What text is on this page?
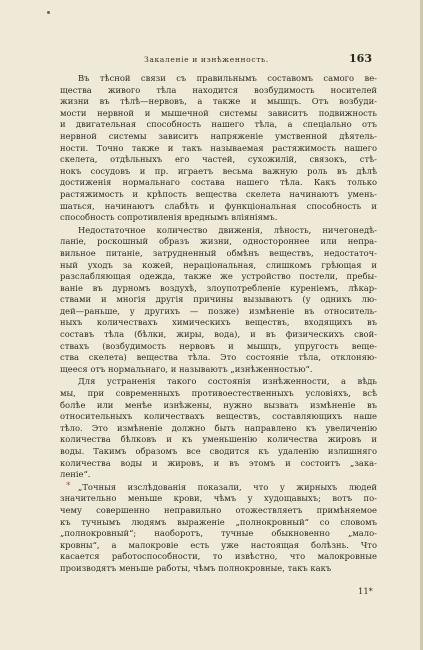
Закаленіе и изнѣженность.	163
Въ тѣсной связи съ правильнымъ составомъ самого ве-
щества живого тѣла находится возбудимость носителей
жизни въ тѣлѣ—нервовъ, а также и мышцъ. Отъ возбуди-
мости нервной и мышечной системы зависитъ подвижность
и двигательная способность нашего тѣла, а спеціально отъ
нервной системы зависитъ напряженіе умственной дѣятель-
ности. Точно также и такъ называемая растяжимость нашего
скелета, отдѣльныхъ его частей, сухожилій, связокъ, стѣ-
нокъ сосудовъ и пр. играетъ весьма важную роль въ дѣлѣ
достиженія нормальнаго состава нашего тѣла. Какъ только
растяжимость и крѣпость вещества скелета начинаютъ умень-
шаться, начинаютъ слабѣть и функціональная способность и
способность сопротивленія вреднымъ вліяніямъ.
Недостаточное количество движенія, лѣность, ничегонедѣ-
ланіе, роскошный образъ жизни, одностороннее или непра-
вильное питаніе, затрудненный обмѣнъ веществъ, недостаточ-
ный уходъ за кожей, нераціональная, слишкомъ грѣющая и
разслабляющая одежда, также же устройство постели, пребы-
ваніе въ дурномъ воздухѣ, злоупотребленіе куреніемъ, лѣкар-
ствами и многія другія причины вызываютъ (у однихъ лю-
дей—раньше, у другихъ — позже) измѣненіе въ относитель-
ныхъ количествахъ химическихъ веществъ, входящихъ въ
составъ тѣла (бѣлки, жиры, вода), и въ физическихъ свой-
ствахъ (возбудимость нервовъ и мышцъ, упругость веще-
ства скелета) вещества тѣла. Это состояніе тѣла, отклоняю-
щееся отъ нормальнаго, и называютъ „изнѣженностью“.
Для устраненія такого состоянія изнѣженности, а вѣдь
мы, при современныхъ противоестественныхъ условіяхъ, всѣ
болѣе или менѣе изнѣжены, нужно вызвать измѣненіе въ
относительныхъ количествахъ веществъ, составляющихъ наше
тѣло. Это измѣненіе должно быть направлено къ увеличенію
количества бѣлковъ и къ уменьшенію количества жировъ и
воды. Такимъ образомъ все сводится къ удаленію излишняго
количества воды и жировъ, и въ этомъ и состоитъ „зака-
леніе“.
„Точныя изслѣдованія показали, что у жирныхъ людей
значительно меньше крови, чѣмъ у худощавыхъ; вотъ по-
чему совершенно неправильно отожествляетъ примѣняемое
къ тучнымъ людямъ выраженіе „полнокровный“ со словомъ
„полнокровный“; наоборотъ, тучные обыкновенно „мало-
кровны“, а малокровіе есть уже настоящая болѣзнь. Что
касается работоспособности, то извѣстно, что малокровные
производятъ меньше работы, чѣмъ полнокровные, такъ какъ
*
11*
